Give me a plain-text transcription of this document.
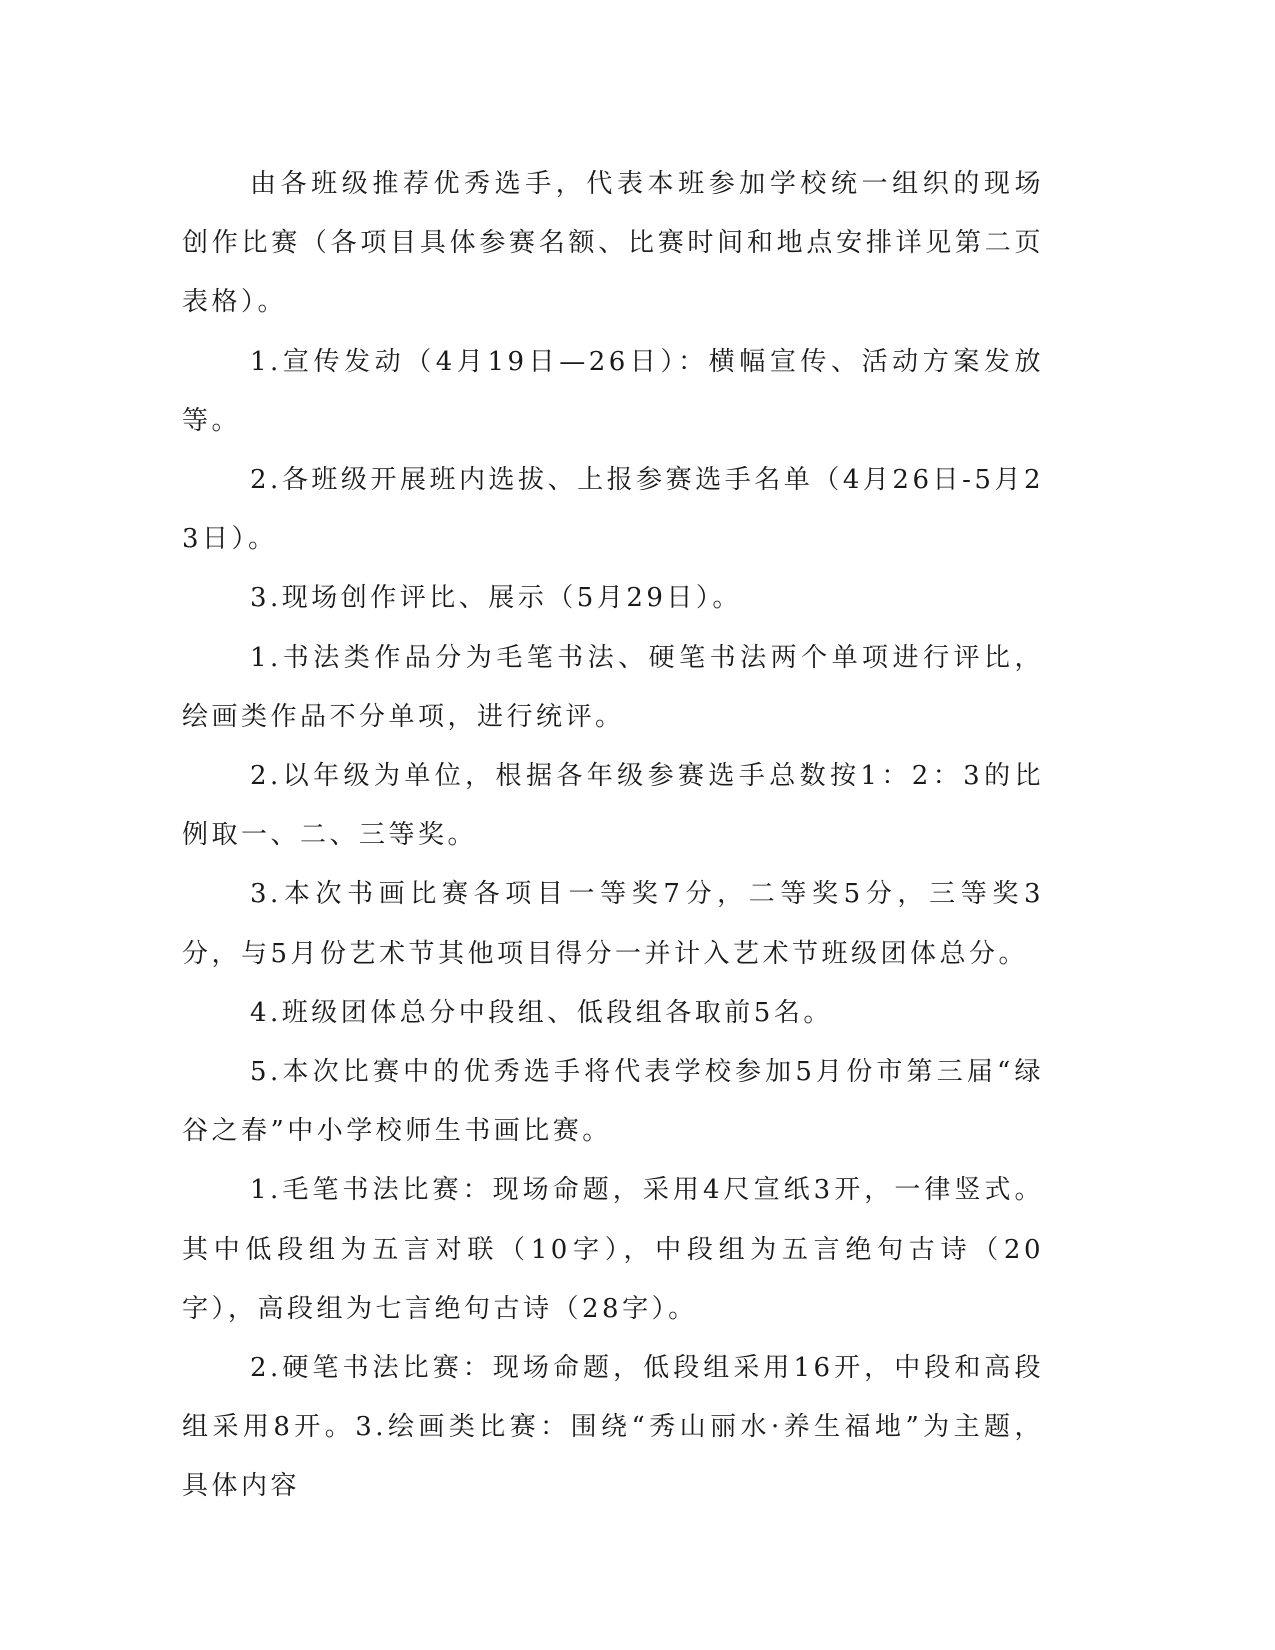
由各班级推荐优秀选手，代表本班参加学校统一组织的现场创作比赛（各项目具体参赛名额、比赛时间和地点安排详见第二页表格）。

1.宣传发动（4月19日—26日）：横幅宣传、活动方案发放等。

2.各班级开展班内选拔、上报参赛选手名单（4月26日-5月23日）。

3.现场创作评比、展示（5月29日）。

1.书法类作品分为毛笔书法、硬笔书法两个单项进行评比，绘画类作品不分单项，进行统评。

2.以年级为单位，根据各年级参赛选手总数按1：2：3的比例取一、二、三等奖。

3.本次书画比赛各项目一等奖7分，二等奖5分，三等奖3分，与5月份艺术节其他项目得分一并计入艺术节班级团体总分。

4.班级团体总分中段组、低段组各取前5名。

5.本次比赛中的优秀选手将代表学校参加5月份市第三届“绿谷之春”中小学校师生书画比赛。

1.毛笔书法比赛：现场命题，采用4尺宣纸3开，一律竖式。其中低段组为五言对联（10字），中段组为五言绝句古诗（20字），高段组为七言绝句古诗（28字）。

2.硬笔书法比赛：现场命题，低段组采用16开，中段和高段组采用8开。3.绘画类比赛：围绕“秀山丽水·养生福地”为主题，具体内容
